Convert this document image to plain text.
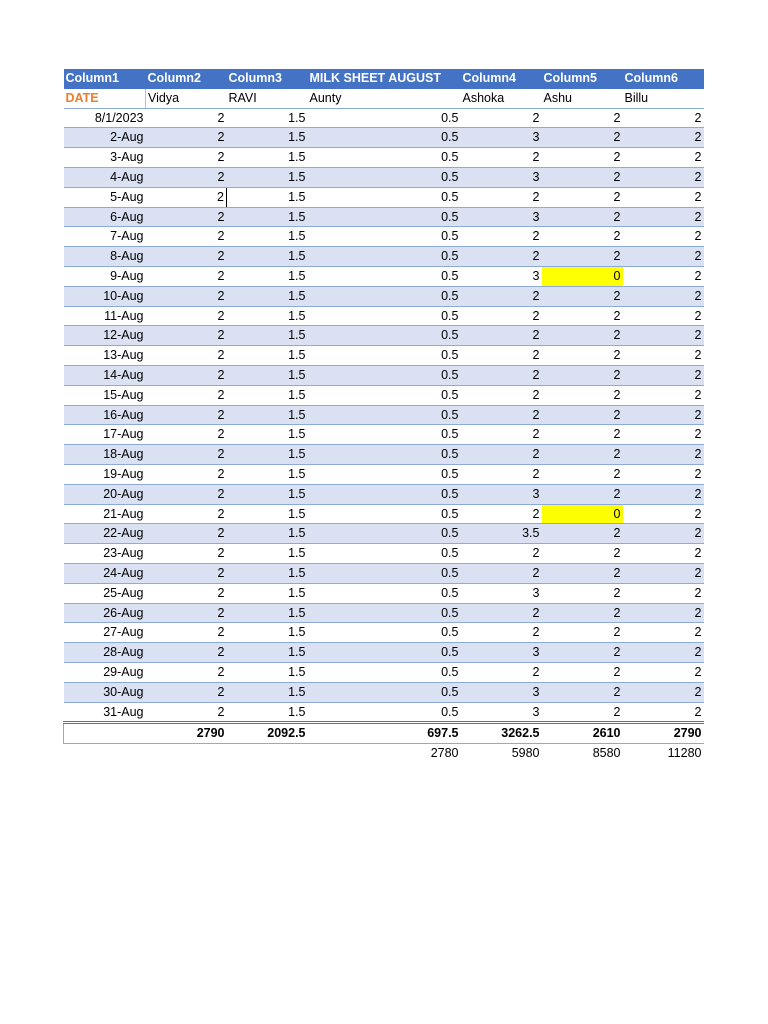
Column1	Column2	Column3	MILK SHEET AUGUST	Column4	Column5	Column6
DATE	Vidya	RAVI	Aunty	Ashoka	Ashu	Billu
8/1/2023	2	1.5	0.5	2	2	2
2-Aug	2	1.5	0.5	3	2	2
3-Aug	2	1.5	0.5	2	2	2
4-Aug	2	1.5	0.5	3	2	2
5-Aug	2	1.5	0.5	2	2	2
6-Aug	2	1.5	0.5	3	2	2
7-Aug	2	1.5	0.5	2	2	2
8-Aug	2	1.5	0.5	2	2	2
9-Aug	2	1.5	0.5	3	0	2
10-Aug	2	1.5	0.5	2	2	2
11-Aug	2	1.5	0.5	2	2	2
12-Aug	2	1.5	0.5	2	2	2
13-Aug	2	1.5	0.5	2	2	2
14-Aug	2	1.5	0.5	2	2	2
15-Aug	2	1.5	0.5	2	2	2
16-Aug	2	1.5	0.5	2	2	2
17-Aug	2	1.5	0.5	2	2	2
18-Aug	2	1.5	0.5	2	2	2
19-Aug	2	1.5	0.5	2	2	2
20-Aug	2	1.5	0.5	3	2	2
21-Aug	2	1.5	0.5	2	0	2
22-Aug	2	1.5	0.5	3.5	2	2
23-Aug	2	1.5	0.5	2	2	2
24-Aug	2	1.5	0.5	2	2	2
25-Aug	2	1.5	0.5	3	2	2
26-Aug	2	1.5	0.5	2	2	2
27-Aug	2	1.5	0.5	2	2	2
28-Aug	2	1.5	0.5	3	2	2
29-Aug	2	1.5	0.5	2	2	2
30-Aug	2	1.5	0.5	3	2	2
31-Aug	2	1.5	0.5	3	2	2
	2790	2092.5	697.5	3262.5	2610	2790
			2780	5980	8580	11280
